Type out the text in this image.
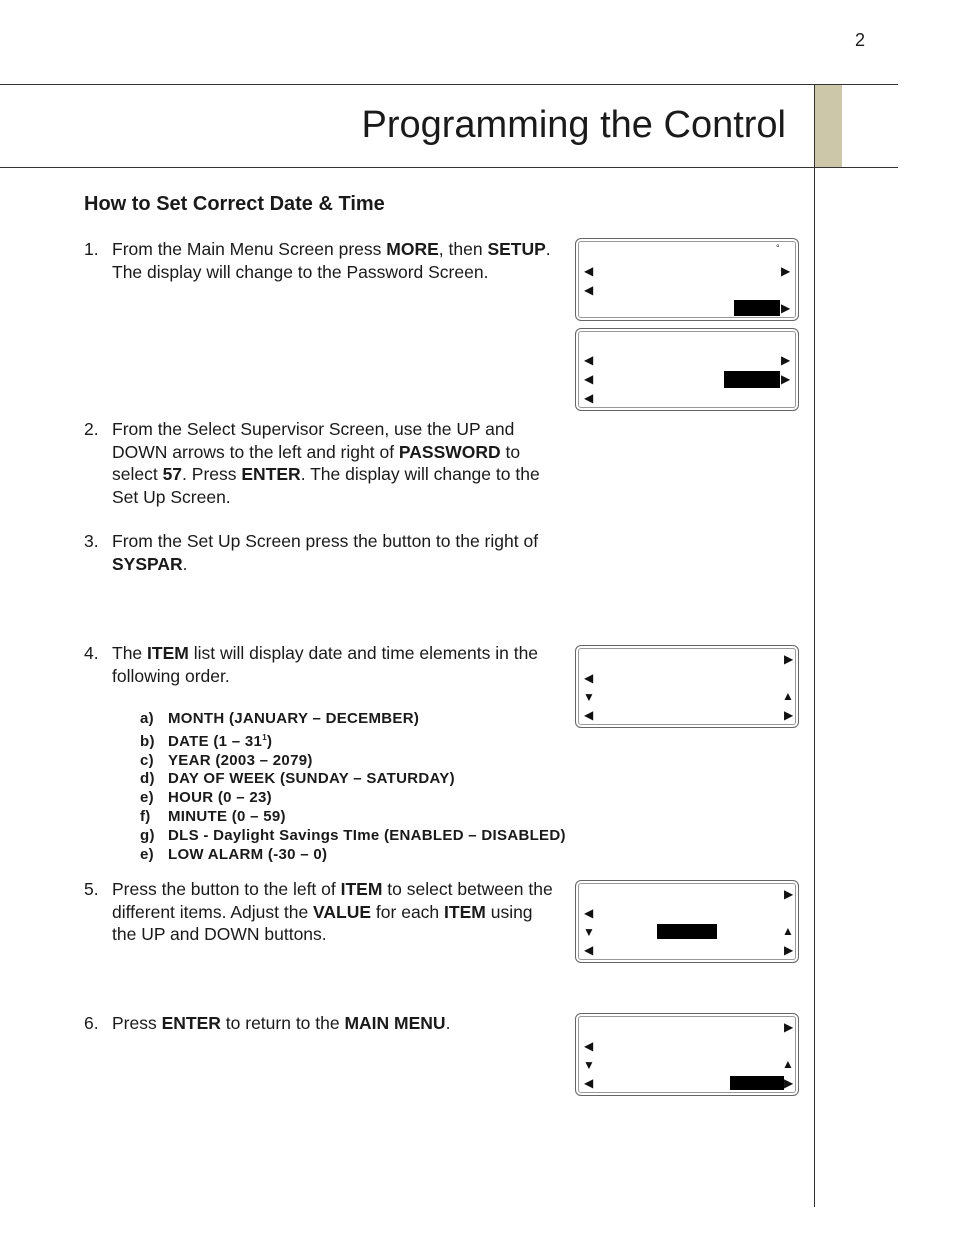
2
Programming the Control
How to Set Correct Date & Time
1. From the Main Menu Screen press MORE, then SETUP. The display will change to the Password Screen.
2. From the Select Supervisor Screen, use the UP and DOWN arrows to the left and right of PASSWORD to select 57. Press ENTER. The display will change to the Set Up Screen.
3. From the Set Up Screen press the button to the right of SYSPAR.
4. The ITEM list will display date and time elements in the following order.
a) MONTH (JANUARY – DECEMBER)
b) DATE $(1 - 31^1)$
c) YEAR (2003 – 2079)
d) DAY OF WEEK (SUNDAY – SATURDAY)
e) HOUR (0 – 23)
f) MINUTE (0 – 59)
g) DLS - Daylight Savings TIme (ENABLED – DISABLED)
e) LOW ALARM (-30 – 0)
5. Press the button to the left of ITEM to select between the different items. Adjust the VALUE for each ITEM using the UP and DOWN buttons.
6. Press ENTER to return to the MAIN MENU.
°
◀	▶
◀
▶
◀	▶
◀	▶
◀
▶
◀
▼	▲
◀	▶
▶
◀
▼	▲
◀	▶
▶
◀
▼	▲
◀	▶
